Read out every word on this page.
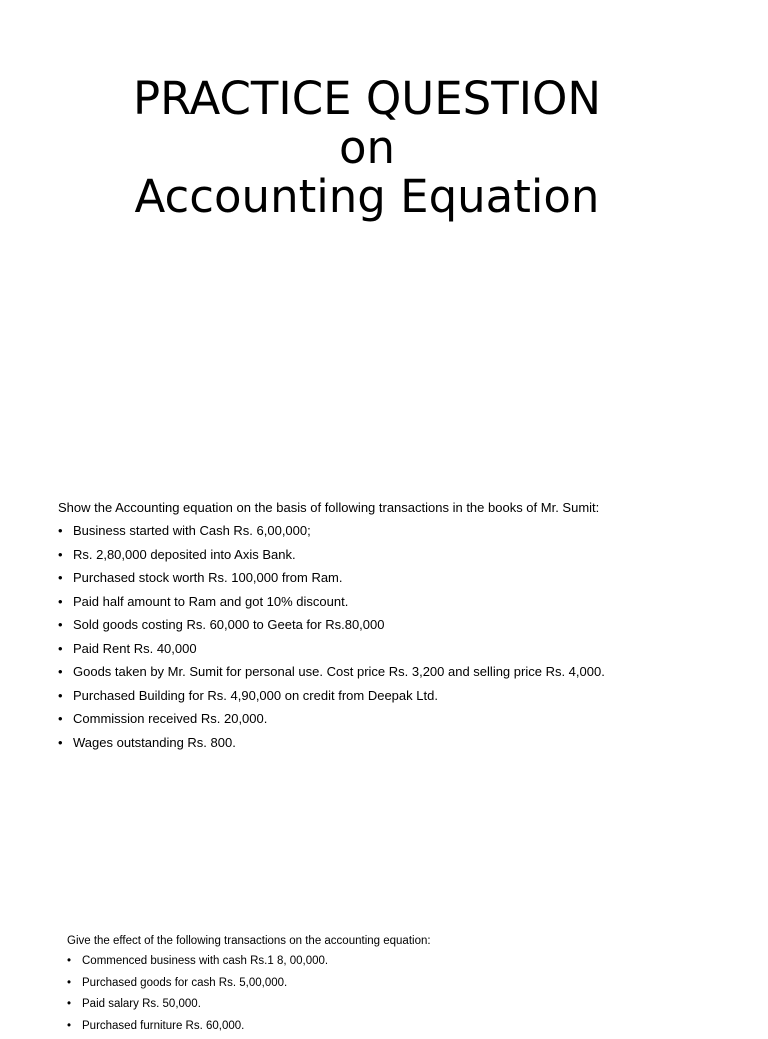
PRACTICE QUESTION
on
Accounting Equation

Show the Accounting equation on the basis of following transactions in the books of Mr. Sumit:

• Business started with Cash Rs. 6,00,000;
• Rs. 2,80,000 deposited into Axis Bank.
• Purchased stock worth Rs. 100,000 from Ram.
• Paid half amount to Ram and got 10% discount.
• Sold goods costing Rs. 60,000 to Geeta for Rs.80,000
• Paid Rent Rs. 40,000
• Goods taken by Mr. Sumit for personal use. Cost price Rs. 3,200 and selling price Rs. 4,000.
• Purchased Building for Rs. 4,90,000 on credit from Deepak Ltd.
• Commission received Rs. 20,000.
• Wages outstanding Rs. 800.

Give the effect of the following transactions on the accounting equation:

• Commenced business with cash Rs.1 8, 00,000.
• Purchased goods for cash Rs. 5,00,000.
• Paid salary Rs. 50,000.
• Purchased furniture Rs. 60,000.
